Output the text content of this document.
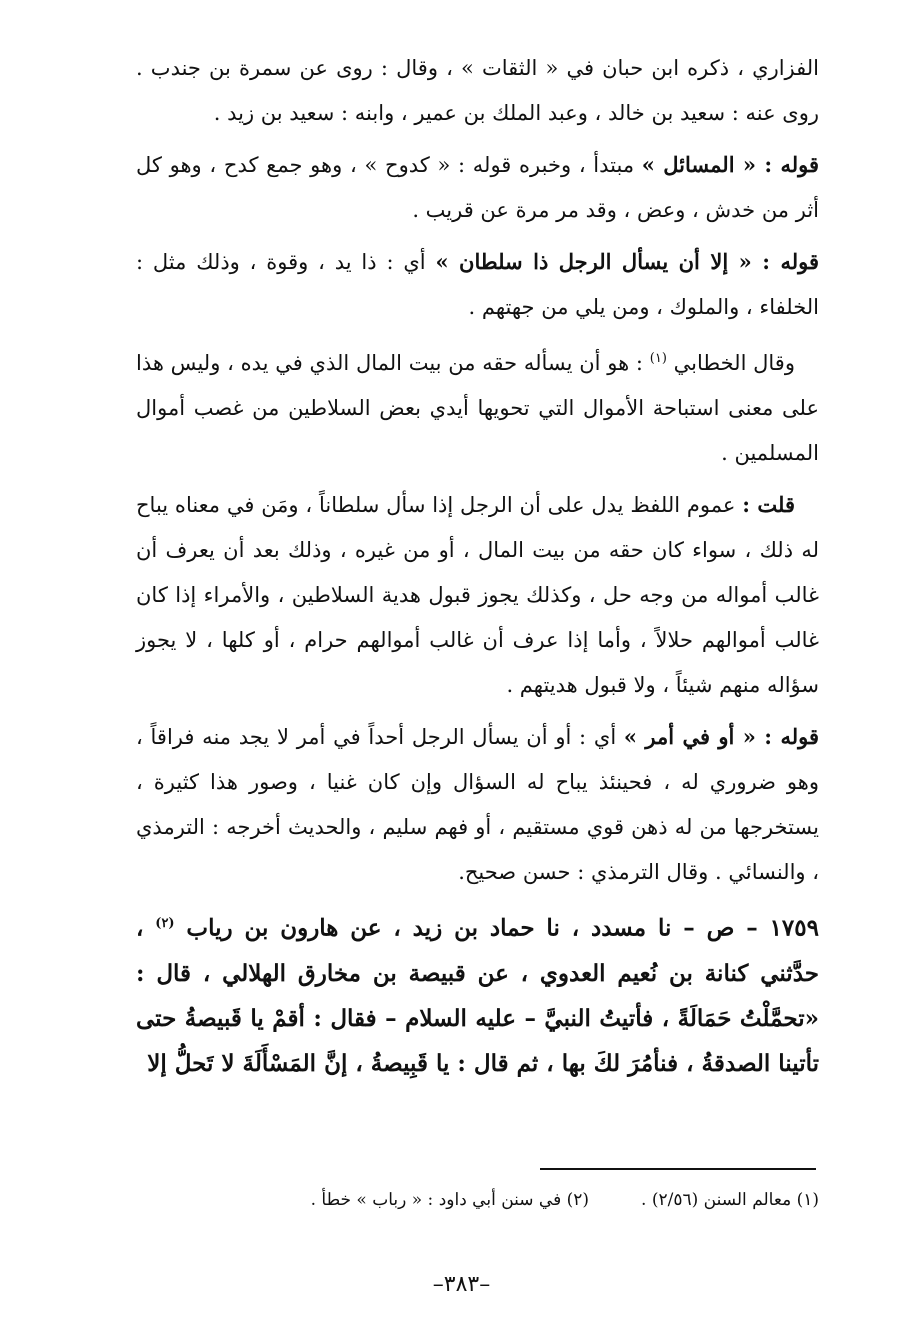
الفزاري ، ذكره ابن حبان في « الثقات » ، وقال : روى عن سمرة بن جندب . روى عنه : سعيد بن خالد ، وعبد الملك بن عمير ، وابنه : سعيد بن زيد .

قوله : « المسائل » مبتدأ ، وخبره قوله : « كدوح » ، وهو جمع كدح ، وهو كل أثر من خدش ، وعض ، وقد مر مرة عن قريب .

قوله : « إلا أن يسأل الرجل ذا سلطان » أي : ذا يد ، وقوة ، وذلك مثل : الخلفاء ، والملوك ، ومن يلي من جهتهم .

وقال الخطابي $^{(١)}$ : هو أن يسأله حقه من بيت المال الذي في يده ، وليس هذا على معنى استباحة الأموال التي تحويها أيدي بعض السلاطين من غصب أموال المسلمين .

قلت : عموم اللفظ يدل على أن الرجل إذا سأل سلطاناً ، ومَن في معناه يباح له ذلك ، سواء كان حقه من بيت المال ، أو من غيره ، وذلك بعد أن يعرف أن غالب أمواله من وجه حل ، وكذلك يجوز قبول هدية السلاطين ، والأمراء إذا كان غالب أموالهم حلالاً ، وأما إذا عرف أن غالب أموالهم حرام ، أو كلها ، لا يجوز سؤاله منهم شيئاً ، ولا قبول هديتهم .

قوله : « أو في أمر » أي : أو أن يسأل الرجل أحداً في أمر لا يجد منه فراقاً ، وهو ضروري له ، فحينئذ يباح له السؤال وإن كان غنيا ، وصور هذا كثيرة ، يستخرجها من له ذهن قوي مستقيم ، أو فهم سليم ، والحديث أخرجه : الترمذي ، والنسائي . وقال الترمذي : حسن صحيح.

١٧٥٩ – ص – نا مسدد ، نا حماد بن زيد ، عن هارون بن رياب $^{(٢)}$ ، حدَّثني كنانة بن نُعيم العدوي ، عن قبيصة بن مخارق الهلالي ، قال : «تحمَّلْتُ حَمَالَةً ، فأتيتُ النبيَّ – عليه السلام – فقال : أقمْ يا قَبيصةُ حتى تأتينا الصدقةُ ، فنأمُرَ لكَ بها ، ثم قال : يا قَبِيصةُ ، إنَّ المَسْأَلَةَ لا تَحلُّ إلا

(١) معالم السنن (٢/٥٦) .
(٢) في سنن أبي داود : « رباب » خطأ .
–٣٨٣–
